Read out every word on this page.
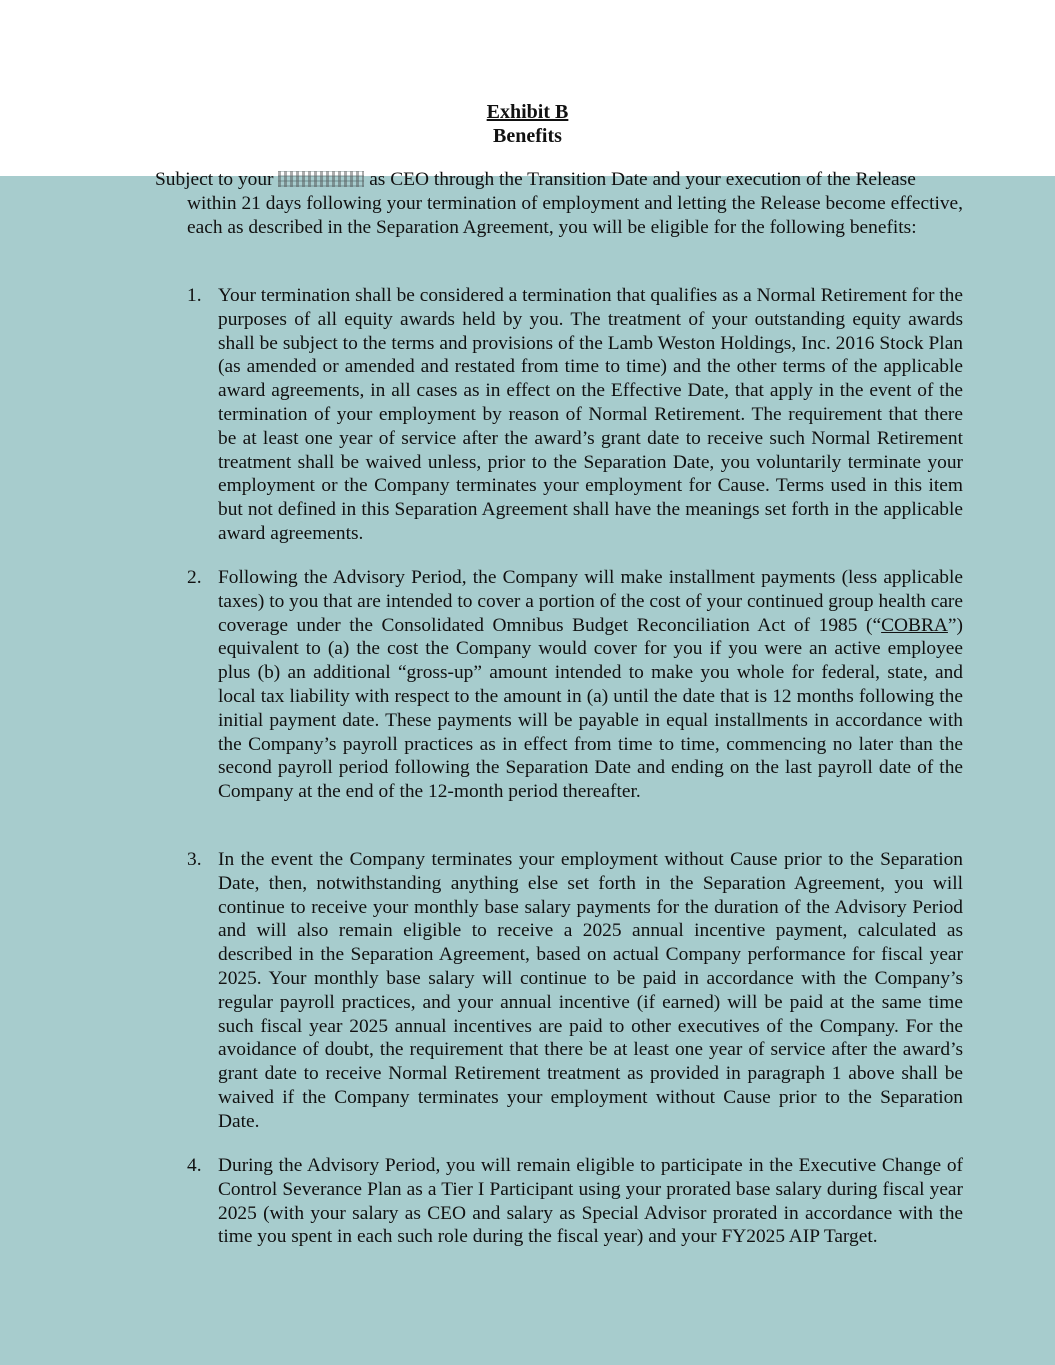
Exhibit B
Benefits

Subject to your	as CEO through the Transition Date and your execution of the Release

within 21 days following your termination of employment and letting the Release become effective, each as described in the Separation Agreement, you will be eligible for the following benefits:

1. Your termination shall be considered a termination that qualifies as a Normal Retirement for the purposes of all equity awards held by you. The treatment of your outstanding equity awards shall be subject to the terms and provisions of the Lamb Weston Holdings, Inc. 2016 Stock Plan (as amended or amended and restated from time to time) and the other terms of the applicable award agreements, in all cases as in effect on the Effective Date, that apply in the event of the termination of your employment by reason of Normal Retirement. The requirement that there be at least one year of service after the award’s grant date to receive such Normal Retirement treatment shall be waived unless, prior to the Separation Date, you voluntarily terminate your employment or the Company terminates your employment for Cause. Terms used in this item but not defined in this Separation Agreement shall have the meanings set forth in the applicable award agreements.

2. Following the Advisory Period, the Company will make installment payments (less applicable taxes) to you that are intended to cover a portion of the cost of your continued group health care coverage under the Consolidated Omnibus Budget Reconciliation Act of 1985 (“COBRA”) equivalent to (a) the cost the Company would cover for you if you were an active employee plus (b) an additional “gross-up” amount intended to make you whole for federal, state, and local tax liability with respect to the amount in (a) until the date that is 12 months following the initial payment date. These payments will be payable in equal installments in accordance with the Company’s payroll practices as in effect from time to time, commencing no later than the second payroll period following the Separation Date and ending on the last payroll date of the Company at the end of the 12-month period thereafter.

3. In the event the Company terminates your employment without Cause prior to the Separation Date, then, notwithstanding anything else set forth in the Separation Agreement, you will continue to receive your monthly base salary payments for the duration of the Advisory Period and will also remain eligible to receive a 2025 annual incentive payment, calculated as described in the Separation Agreement, based on actual Company performance for fiscal year 2025. Your monthly base salary will continue to be paid in accordance with the Company’s regular payroll practices, and your annual incentive (if earned) will be paid at the same time such fiscal year 2025 annual incentives are paid to other executives of the Company. For the avoidance of doubt, the requirement that there be at least one year of service after the award’s grant date to receive Normal Retirement treatment as provided in paragraph 1 above shall be waived if the Company terminates your employment without Cause prior to the Separation Date.

4. During the Advisory Period, you will remain eligible to participate in the Executive Change of Control Severance Plan as a Tier I Participant using your prorated base salary during fiscal year 2025 (with your salary as CEO and salary as Special Advisor prorated in accordance with the time you spent in each such role during the fiscal year) and your FY2025 AIP Target.
